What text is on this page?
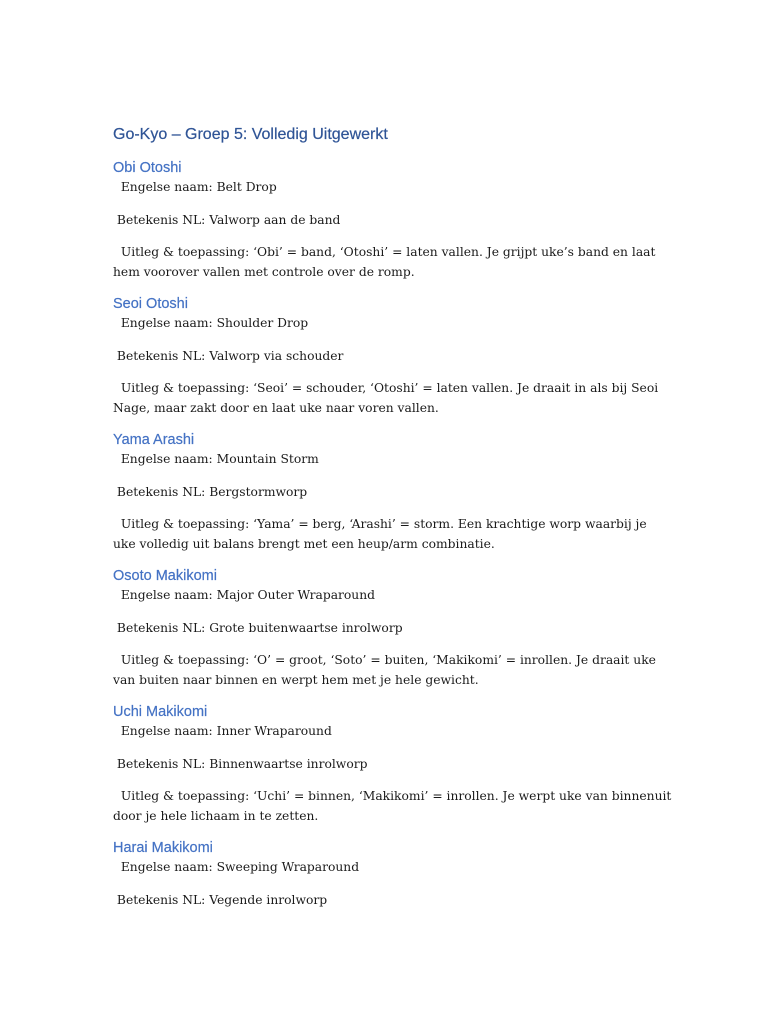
Go-Kyo – Groep 5: Volledig Uitgewerkt
Obi Otoshi

Engelse naam: Belt Drop

Betekenis NL: Valworp aan de band

Uitleg & toepassing: ‘Obi’ = band, ‘Otoshi’ = laten vallen. Je grijpt uke’s band en laat hem voorover vallen met controle over de romp.

Seoi Otoshi

Engelse naam: Shoulder Drop

Betekenis NL: Valworp via schouder

Uitleg & toepassing: ‘Seoi’ = schouder, ‘Otoshi’ = laten vallen. Je draait in als bij Seoi Nage, maar zakt door en laat uke naar voren vallen.

Yama Arashi

Engelse naam: Mountain Storm

Betekenis NL: Bergstormworp

Uitleg & toepassing: ‘Yama’ = berg, ‘Arashi’ = storm. Een krachtige worp waarbij je uke volledig uit balans brengt met een heup/arm combinatie.

Osoto Makikomi

Engelse naam: Major Outer Wraparound

Betekenis NL: Grote buitenwaartse inrolworp

Uitleg & toepassing: ‘O’ = groot, ‘Soto’ = buiten, ‘Makikomi’ = inrollen. Je draait uke van buiten naar binnen en werpt hem met je hele gewicht.

Uchi Makikomi

Engelse naam: Inner Wraparound

Betekenis NL: Binnenwaartse inrolworp

Uitleg & toepassing: ‘Uchi’ = binnen, ‘Makikomi’ = inrollen. Je werpt uke van binnenuit door je hele lichaam in te zetten.

Harai Makikomi

Engelse naam: Sweeping Wraparound

Betekenis NL: Vegende inrolworp
